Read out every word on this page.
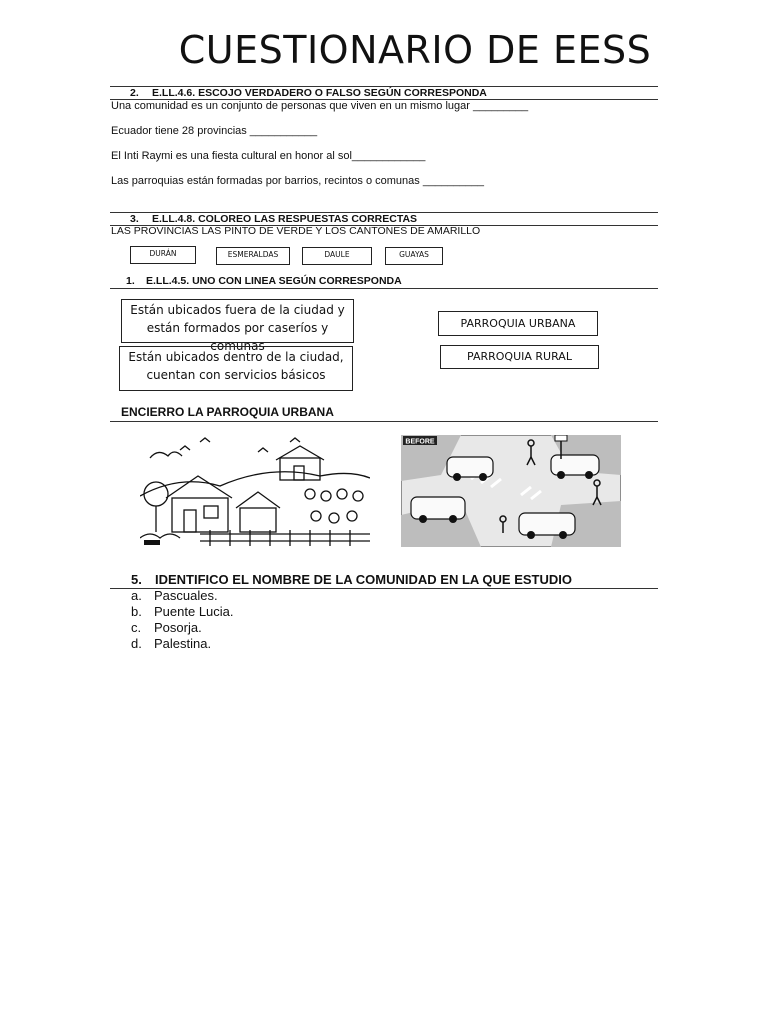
CUESTIONARIO DE EESS
2. E.LL.4.6. ESCOJO VERDADERO O FALSO SEGÚN CORRESPONDA
Una comunidad es un conjunto de personas que viven en un mismo lugar _________
Ecuador tiene 28 provincias ___________
El Inti Raymi es una fiesta cultural en honor al sol____________
Las parroquias están formadas por barrios, recintos o comunas __________
3. E.LL.4.8. COLOREO LAS RESPUESTAS CORRECTAS
LAS PROVINCIAS LAS PINTO DE VERDE Y LOS CANTONES DE AMARILLO
DURÁN	ESMERALDAS	DAULE	GUAYAS
1. E.LL.4.5. UNO CON LINEA SEGÚN CORRESPONDA
Están ubicados fuera de la ciudad y
están formados por caseríos y comunas
Están ubicados dentro de la ciudad,
cuentan con servicios básicos
PARROQUIA URBANA
PARROQUIA RURAL
ENCIERRO LA PARROQUIA URBANA
BEFORE
5. IDENTIFICO EL NOMBRE DE LA COMUNIDAD EN LA QUE ESTUDIO
a. Pascuales.
b. Puente Lucia.
c. Posorja.
d. Palestina.
